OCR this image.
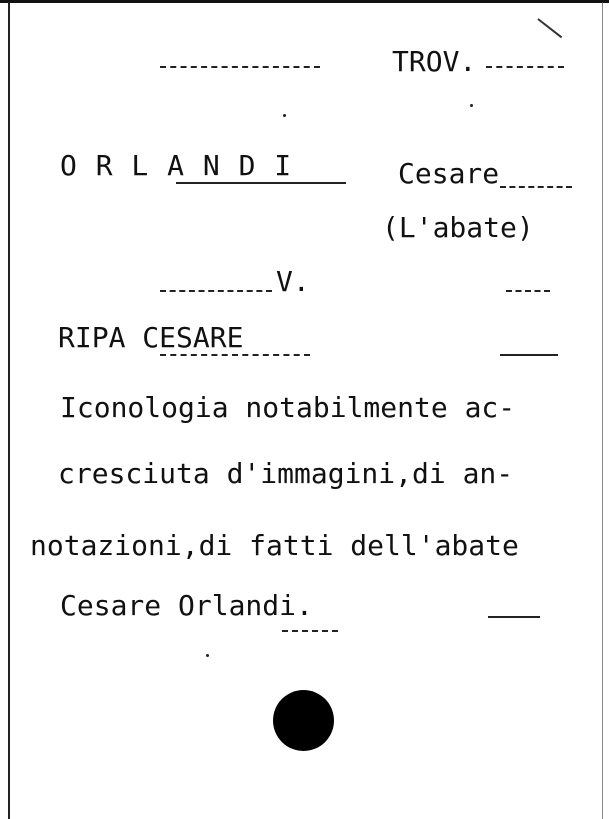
TROV.
O R L A N D I	Cesare
(L'abate)
V.
RIPA CESARE
Iconologia notabilmente ac-
cresciuta d'immagini,di an-
notazioni,di fatti dell'abate
Cesare Orlandi.
